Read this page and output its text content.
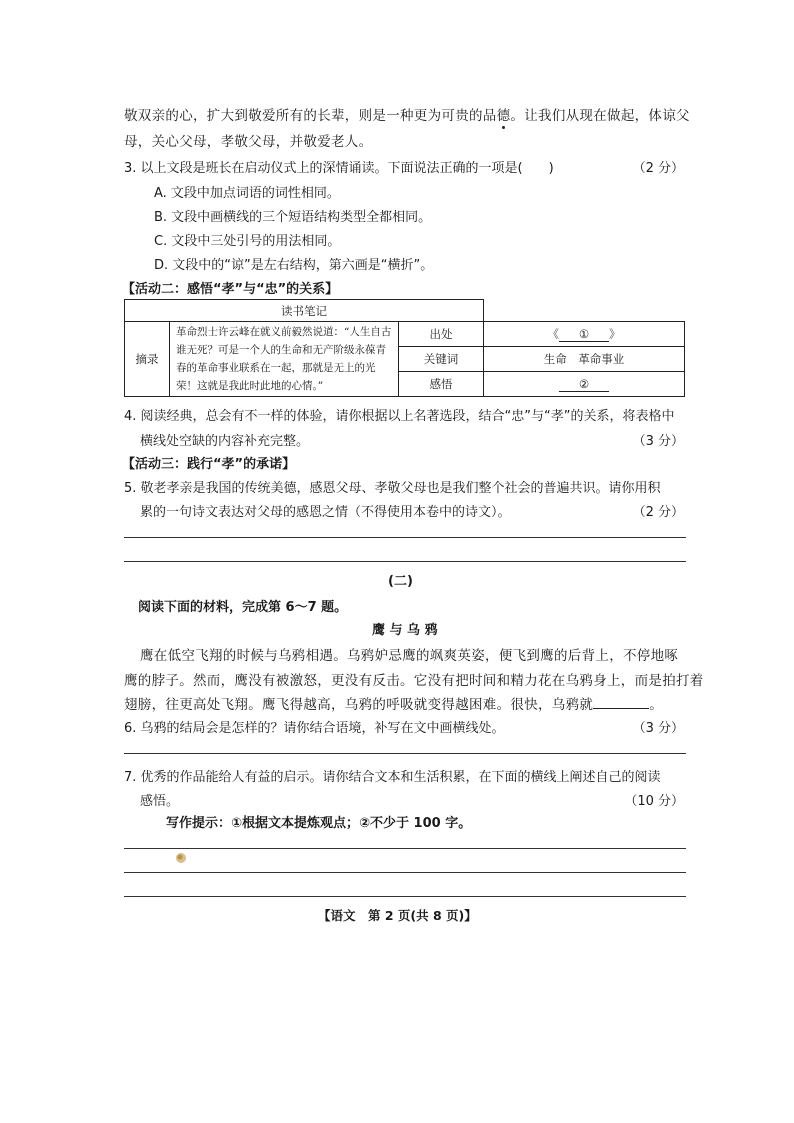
敬双亲的心，扩大到敬爱所有的长辈，则是一种更为可贵的品德。让我们从现在做起，体谅父
母，关心父母，孝敬父母，并敬爱老人。
3. 以上文段是班长在启动仪式上的深情诵读。下面说法正确的一项是(　　)	（2 分）
A. 文段中加点词语的词性相同。
B. 文段中画横线的三个短语结构类型全都相同。
C. 文段中三处引号的用法相同。
D. 文段中的“谅”是左右结构，第六画是“横折”。
【活动二：感悟“孝”与“忠”的关系】
读书笔记			
摘录	革命烈士许云峰在就义前毅然说道：“人生自古谁无死？可是一个人的生命和无产阶级永葆青春的革命事业联系在一起，那就是无上的光荣！这就是我此时此地的心情。”	出处	《 ① 》
		关键词	生命　革命事业
		感悟	②
4. 阅读经典，总会有不一样的体验，请你根据以上名著选段，结合“忠”与“孝”的关系，将表格中
横线处空缺的内容补充完整。	（3 分）
【活动三：践行“孝”的承诺】
5. 敬老孝亲是我国的传统美德，感恩父母、孝敬父母也是我们整个社会的普遍共识。请你用积
累的一句诗文表达对父母的感恩之情（不得使用本卷中的诗文）。	（2 分）
(二)
阅读下面的材料，完成第 6～7 题。
鹰 与 乌 鸦
鹰在低空飞翔的时候与乌鸦相遇。乌鸦妒忌鹰的飒爽英姿，便飞到鹰的后背上，不停地啄
鹰的脖子。然而，鹰没有被激怒，更没有反击。它没有把时间和精力花在乌鸦身上，而是拍打着
翅膀，往更高处飞翔。鹰飞得越高，乌鸦的呼吸就变得越困难。很快，乌鸦就	。
6. 乌鸦的结局会是怎样的？请你结合语境，补写在文中画横线处。	（3 分）
7. 优秀的作品能给人有益的启示。请你结合文本和生活积累，在下面的横线上阐述自己的阅读
感悟。	（10 分）
写作提示：①根据文本提炼观点；②不少于 100 字。
【语文　第 2 页(共 8 页)】
